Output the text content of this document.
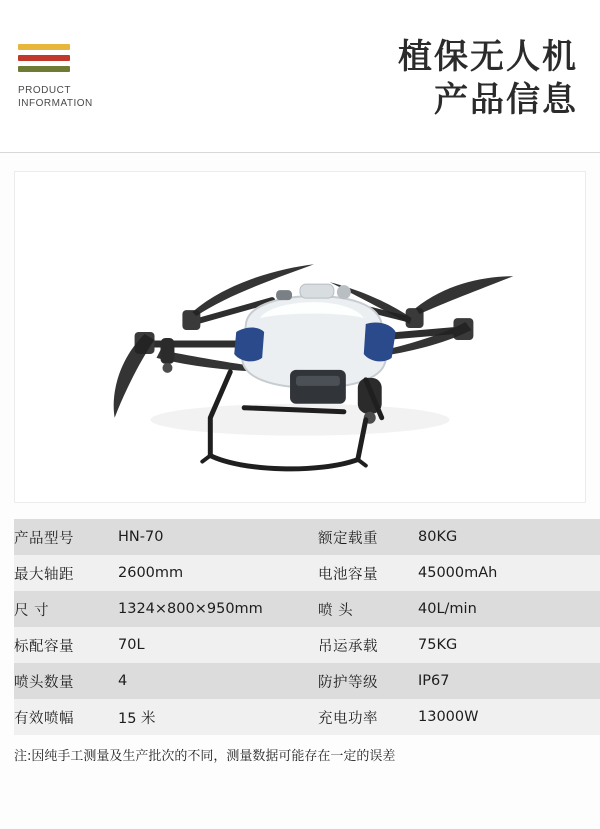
PRODUCT
INFORMATION
植保无人机
产品信息
产品型号	HN-70	额定载重	80KG
最大轴距	2600mm	电池容量	45000mAh
尺 寸	1324×800×950mm	喷 头	40L/min
标配容量	70L	吊运承载	75KG
喷头数量	4	防护等级	IP67
有效喷幅	15 米	充电功率	13000W
注:因纯手工测量及生产批次的不同，测量数据可能存在一定的误差
